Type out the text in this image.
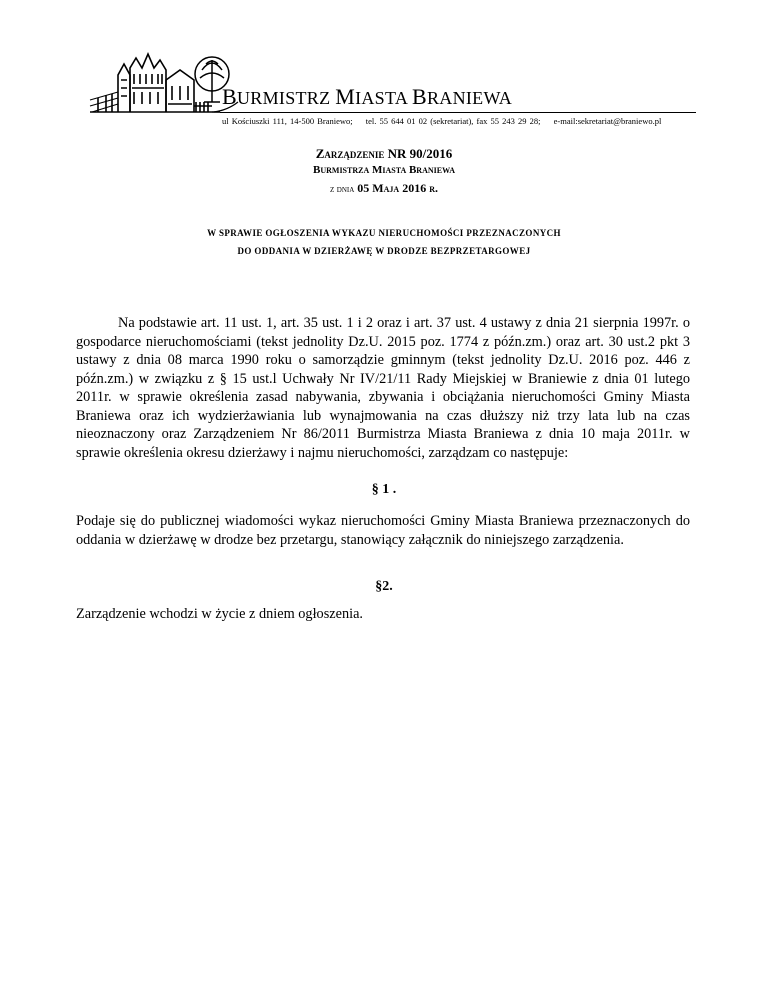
BURMISTRZ MIASTA BRANIEWA
ul Kościuszki 111, 14-500 Braniewo; tel. 55 644 01 02 (sekretariat), fax 55 243 29 28; e-mail:sekretariat@braniewo.pl
Zarządzenie NR 90/2016
Burmistrza Miasta Braniewa
z dnia 05 Maja 2016 r.
W SPRAWIE OGŁOSZENIA WYKAZU NIERUCHOMOŚCI PRZEZNACZONYCH
DO ODDANIA W DZIERŻAWĘ W DRODZE BEZPRZETARGOWEJ
Na podstawie art. 11 ust. 1, art. 35 ust. 1 i 2 oraz i art. 37 ust. 4 ustawy z dnia 21 sierpnia 1997r. o gospodarce nieruchomościami (tekst jednolity Dz.U. 2015 poz. 1774 z późn.zm.) oraz art. 30 ust.2 pkt 3 ustawy z dnia 08 marca 1990 roku o samorządzie gminnym (tekst jednolity Dz.U. 2016 poz. 446 z późn.zm.) w związku z § 15 ust.l Uchwały Nr IV/21/11 Rady Miejskiej w Braniewie z dnia 01 lutego 2011r. w sprawie określenia zasad nabywania, zbywania i obciążania nieruchomości Gminy Miasta Braniewa oraz ich wydzierżawiania lub wynajmowania na czas dłuższy niż trzy lata lub na czas nieoznaczony oraz Zarządzeniem Nr 86/2011 Burmistrza Miasta Braniewa z dnia 10 maja 2011r. w sprawie określenia okresu dzierżawy i najmu nieruchomości, zarządzam co następuje:
§ 1 .
Podaje się do publicznej wiadomości wykaz nieruchomości Gminy Miasta Braniewa przeznaczonych do oddania w dzierżawę w drodze bez przetargu, stanowiący załącznik do niniejszego zarządzenia.
§2.
Zarządzenie wchodzi w życie z dniem ogłoszenia.
